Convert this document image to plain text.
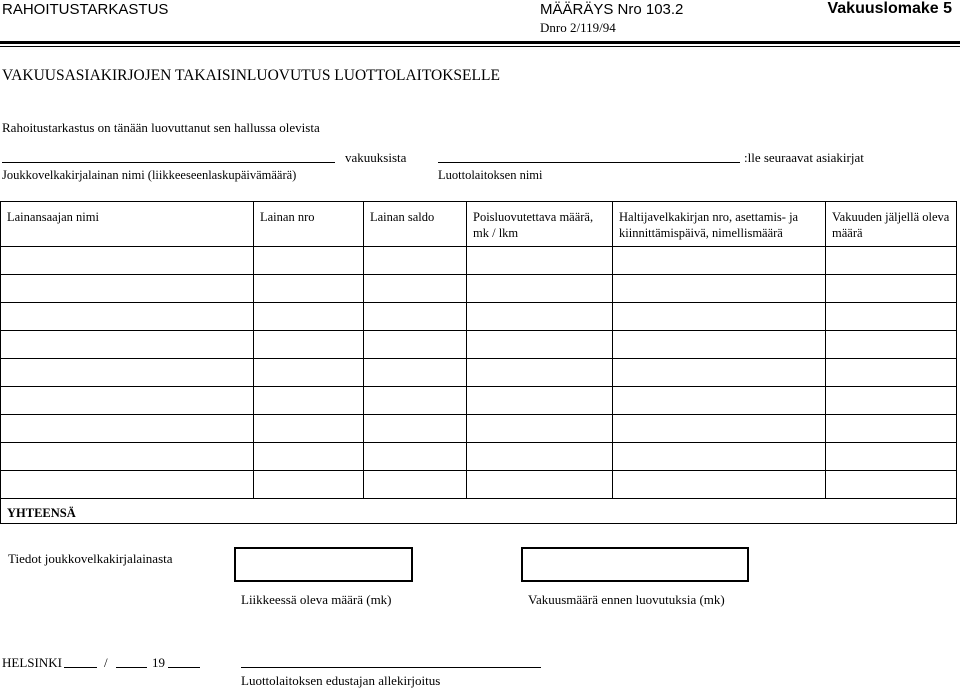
RAHOITUSTARKASTUS	MÄÄRÄYS Nro 103.2	Vakuuslomake 5
Dnro 2/119/94
VAKUUSASIAKIRJOJEN TAKAISINLUOVUTUS LUOTTOLAITOKSELLE
Rahoitustarkastus on tänään luovuttanut sen hallussa olevista
vakuuksista	:lle seuraavat asiakirjat
Joukkovelkakirjalainan nimi (liikkeeseenlaskupäivämäärä)	Luottolaitoksen nimi
Lainansaajan nimi	Lainan nro	Lainan saldo	Poisluovutettava määrä, mk / lkm	Haltijavelkakirjan nro, asettamis- ja kiinnittämispäivä, nimellismäärä	Vakuuden jäljellä oleva määrä

YHTEENSÄ					
Tiedot joukkovelkakirjalainasta
Liikkeessä oleva määrä (mk)	Vakuusmäärä ennen luovutuksia (mk)
HELSINKI	/	19
Luottolaitoksen edustajan allekirjoitus
